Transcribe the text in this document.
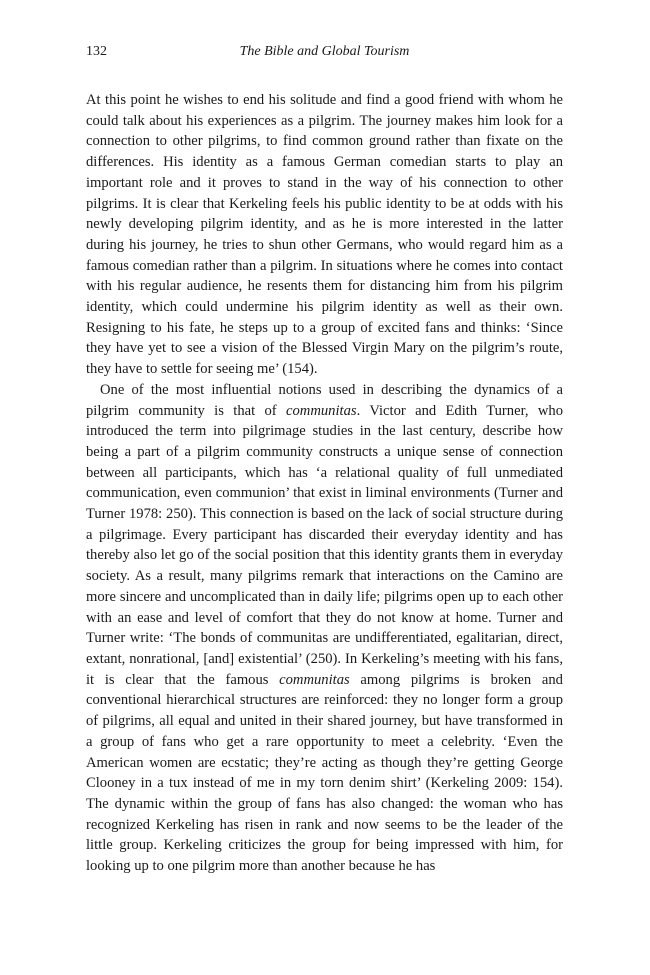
132	The Bible and Global Tourism

At this point he wishes to end his solitude and find a good friend with whom he could talk about his experiences as a pilgrim. The journey makes him look for a connection to other pilgrims, to find common ground rather than fixate on the differences. His identity as a famous German comedian starts to play an important role and it proves to stand in the way of his connection to other pilgrims. It is clear that Kerkeling feels his public identity to be at odds with his newly developing pilgrim identity, and as he is more interested in the latter during his journey, he tries to shun other Germans, who would regard him as a famous comedian rather than a pilgrim. In situations where he comes into contact with his regular audience, he resents them for distancing him from his pilgrim identity, which could undermine his pilgrim identity as well as their own. Resigning to his fate, he steps up to a group of excited fans and thinks: ‘Since they have yet to see a vision of the Blessed Virgin Mary on the pilgrim’s route, they have to settle for seeing me’ (154).

One of the most influential notions used in describing the dynamics of a pilgrim community is that of communitas. Victor and Edith Turner, who introduced the term into pilgrimage studies in the last century, describe how being a part of a pilgrim community constructs a unique sense of connection between all participants, which has ‘a relational quality of full unmediated communication, even communion’ that exist in liminal environments (Turner and Turner 1978: 250). This connection is based on the lack of social structure during a pilgrimage. Every participant has discarded their everyday identity and has thereby also let go of the social position that this identity grants them in everyday society. As a result, many pilgrims remark that interactions on the Camino are more sincere and uncomplicated than in daily life; pilgrims open up to each other with an ease and level of comfort that they do not know at home. Turner and Turner write: ‘The bonds of communitas are undifferentiated, egalitarian, direct, extant, nonrational, [and] existential’ (250). In Kerkeling’s meeting with his fans, it is clear that the famous communitas among pilgrims is broken and conventional hierarchical structures are reinforced: they no longer form a group of pilgrims, all equal and united in their shared journey, but have transformed in a group of fans who get a rare opportunity to meet a celebrity. ‘Even the American women are ecstatic; they’re acting as though they’re getting George Clooney in a tux instead of me in my torn denim shirt’ (Kerkeling 2009: 154). The dynamic within the group of fans has also changed: the woman who has recognized Kerkeling has risen in rank and now seems to be the leader of the little group. Kerkeling criticizes the group for being impressed with him, for looking up to one pilgrim more than another because he has
